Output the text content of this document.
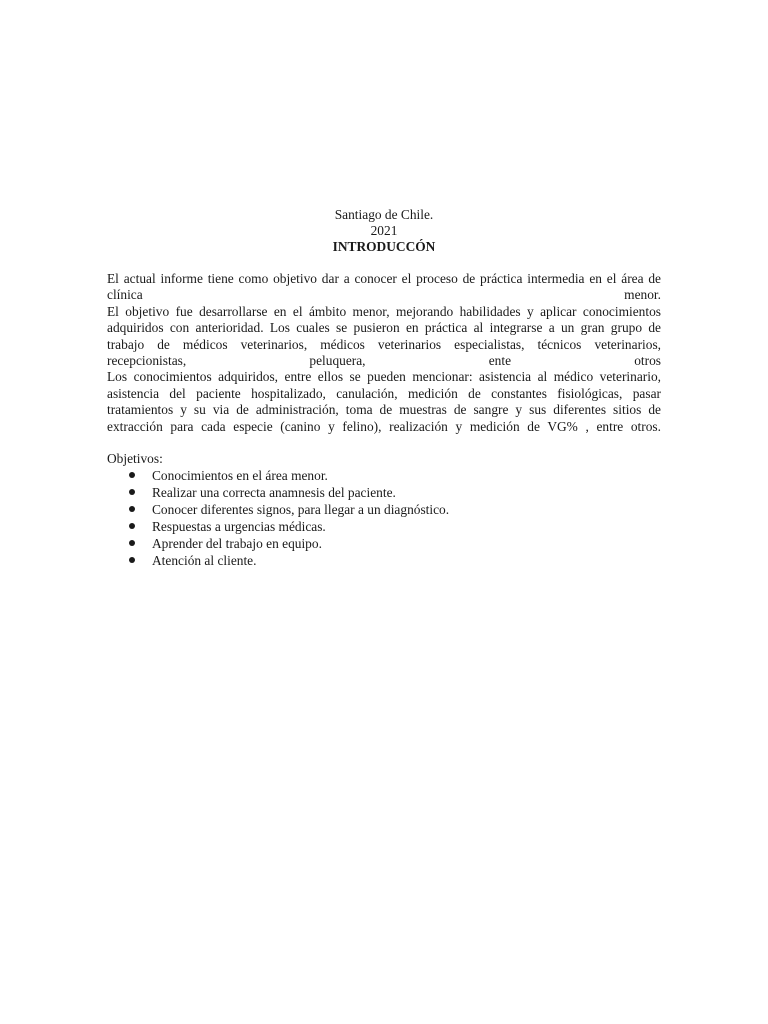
Santiago de Chile.

2021

INTRODUCCÓN

El actual informe tiene como objetivo dar a conocer el proceso de práctica intermedia en el área de
clínica menor.
El objetivo fue desarrollarse en el ámbito menor, mejorando habilidades y aplicar conocimientos
adquiridos con anterioridad. Los cuales se pusieron en práctica al integrarse a un gran grupo de
trabajo de médicos veterinarios, médicos veterinarios especialistas, técnicos veterinarios,
recepcionistas, peluquera, ente otros
Los conocimientos adquiridos, entre ellos se pueden mencionar: asistencia al médico veterinario,
asistencia del paciente hospitalizado, canulación, medición de constantes fisiológicas, pasar
tratamientos y su via de administración, toma de muestras de sangre y sus diferentes sitios de
extracción para cada especie (canino y felino), realización y medición de VG% , entre otros.

Objetivos:

Conocimientos en el área menor.
Realizar una correcta anamnesis del paciente.
Conocer diferentes signos, para llegar a un diagnóstico.
Respuestas a urgencias médicas.
Aprender del trabajo en equipo.
Atención al cliente.
